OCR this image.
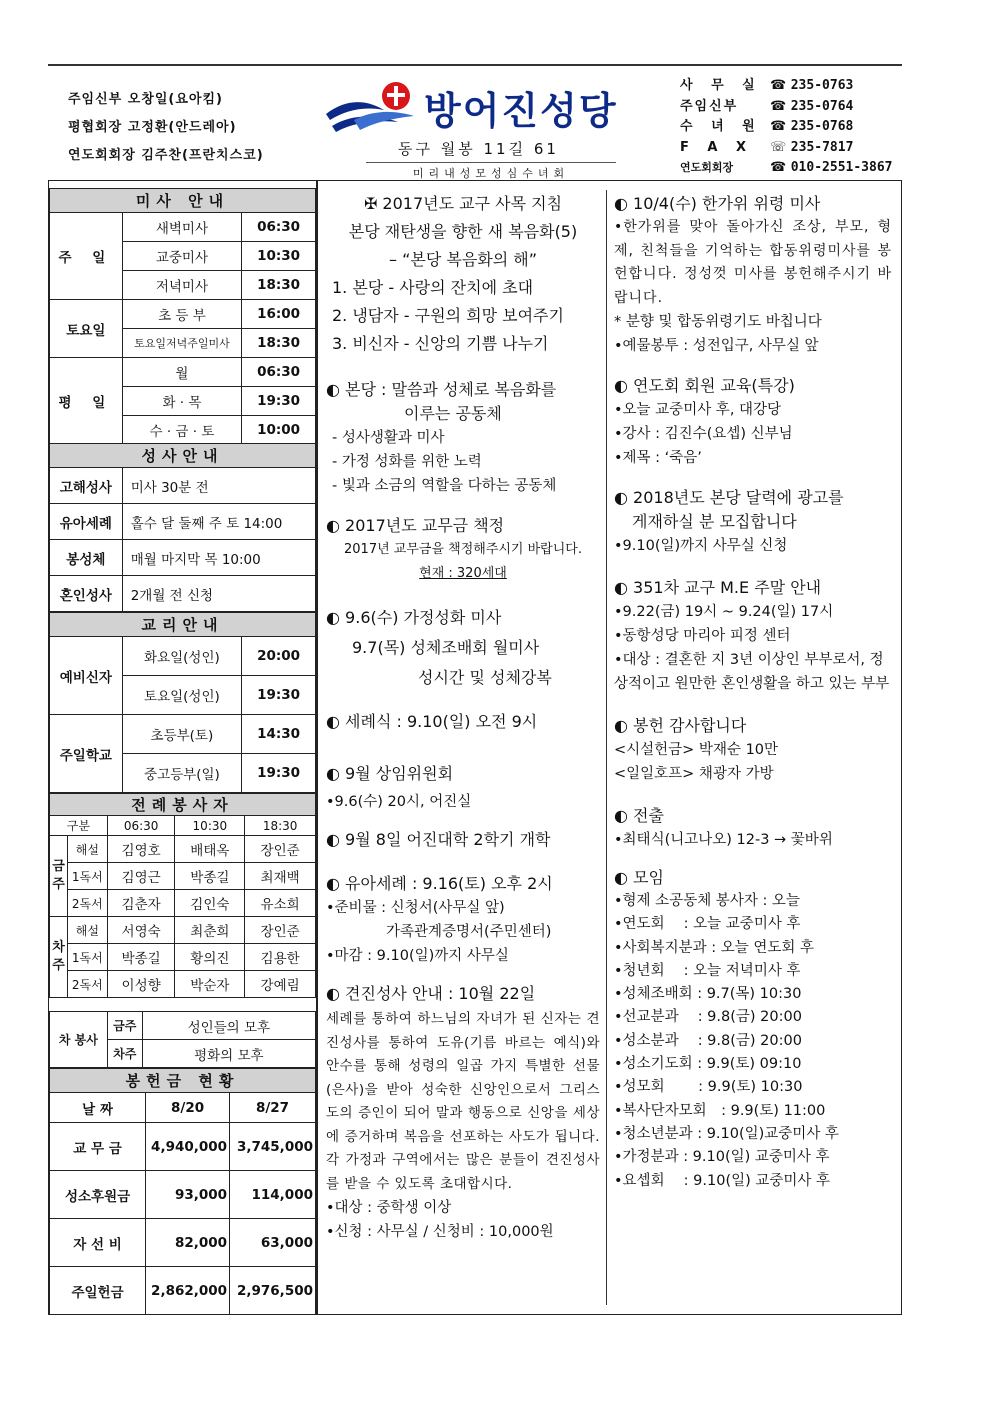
주임신부 오창일(요아킴)
평협회장 고정환(안드레아)
연도회회장 김주찬(프란치스코)
방어진성당
동구 월봉 11길 61
미리내성모성심수녀회
사 무 실 ☎
235-0763
주임신부	☎
235-0764
수 녀 원 ☎
235-0768
F A X	☏
235-7817
연도회회장	☎
010-2551-3867
미사 안내		
주 일	새벽미사	06:30
	교중미사	10:30
	저녁미사	18:30
토요일	초 등 부	16:00
	토요일저녁주일미사	18:30
평 일	월	06:30
	화 · 목	19:30
	수 · 금 · 토	10:00
성사안내	
고해성사	미사 30분 전
유아세례	홀수 달 둘째 주 토 14:00
봉성체	매월 마지막 목 10:00
혼인성사	2개월 전 신청
교리안내		
예비신자	화요일(성인)	20:00
	토요일(성인)	19:30
주일학교	초등부(토)	14:30
	중고등부(일)	19:30
전례봉사자				
구분		06:30	10:30	18:30
금주	해설	김영호	배태옥	장인준
	1독서	김영근	박종길	최재백
	2독서	김춘자	김인숙	유소희
차주	해설	서영숙	최춘희	장인준
	1독서	박종길	황의진	김용한
	2독서	이성향	박순자	강예림
차 봉사	금주	성인들의 모후
	차주	평화의 모후
봉헌금 현황		
날 짜	8/20	8/27
교 무 금	4,940,000	3,745,000
성소후원금	93,000	114,000
자 선 비	82,000	63,000
주일헌금	2,862,000	2,976,500
✠ 2017년도 교구 사목 지침
본당 재탄생을 향한 새 복음화(5)
– “본당 복음화의 해”
1. 본당 - 사랑의 잔치에 초대
2. 냉담자 - 구원의 희망 보여주기
3. 비신자 - 신앙의 기쁨 나누기
◐ 본당 : 말씀과 성체로 복음화를
이루는 공동체
- 성사생활과 미사
- 가정 성화를 위한 노력
- 빛과 소금의 역할을 다하는 공동체
◐ 2017년도 교무금 책정
2017년 교무금을 책정해주시기 바랍니다.
현재 : 320세대
◐ 9.6(수) 가정성화 미사
9.7(목) 성체조배회 월미사
성시간 및 성체강복
◐ 세례식 : 9.10(일) 오전 9시
◐ 9월 상임위원회
•9.6(수) 20시, 어진실
◐ 9월 8일 어진대학 2학기 개학
◐ 유아세례 : 9.16(토) 오후 2시
•준비물 : 신청서(사무실 앞)
가족관계증명서(주민센터)
•마감 : 9.10(일)까지 사무실
◐ 견진성사 안내 : 10월 22일
세례를 통하여 하느님의 자녀가 된 신자는 견진성사를 통하여 도유(기름 바르는 예식)와 안수를 통해 성령의 일곱 가지 특별한 선물(은사)을 받아 성숙한 신앙인으로서 그리스도의 증인이 되어 말과 행동으로 신앙을 세상에 증거하며 복음을 선포하는 사도가 됩니다. 각 가정과 구역에서는 많은 분들이 견진성사를 받을 수 있도록 초대합시다.
•대상 : 중학생 이상
•신청 : 사무실 / 신청비 : 10,000원
◐ 10/4(수) 한가위 위령 미사
•한가위를 맞아 돌아가신 조상, 부모, 형제, 친척들을 기억하는 합동위령미사를 봉헌합니다. 정성껏 미사를 봉헌해주시기 바랍니다.
* 분향 및 합동위령기도 바칩니다
•예물봉투 : 성전입구, 사무실 앞
◐ 연도회 회원 교육(특강)
•오늘 교중미사 후, 대강당
•강사 : 김진수(요셉) 신부님
•제목 : ‘죽음’
◐ 2018년도 본당 달력에 광고를
게재하실 분 모집합니다
•9.10(일)까지 사무실 신청
◐ 351차 교구 M.E 주말 안내
•9.22(금) 19시 ~ 9.24(일) 17시
•동항성당 마리아 피정 센터
•대상 : 결혼한 지 3년 이상인 부부로서, 정상적이고 원만한 혼인생활을 하고 있는 부부
◐ 봉헌 감사합니다
<시설헌금> 박재순 10만
<일일호프> 채광자 가방
◐ 전출
•최태식(니고나오) 12-3 → 꽃바위
◐ 모임
•형제 소공동체 봉사자 : 오늘
•연도회　 : 오늘 교중미사 후
•사회복지분과 : 오늘 연도회 후
•청년회　 : 오늘 저녁미사 후
•성체조배회 : 9.7(목) 10:30
•선교분과　 : 9.8(금) 20:00
•성소분과　 : 9.8(금) 20:00
•성소기도회 : 9.9(토) 09:10
•성모회　　 : 9.9(토) 10:30
•복사단자모회　: 9.9(토) 11:00
•청소년분과 : 9.10(일)교중미사 후
•가정분과 : 9.10(일) 교중미사 후
•요셉회　 : 9.10(일) 교중미사 후
